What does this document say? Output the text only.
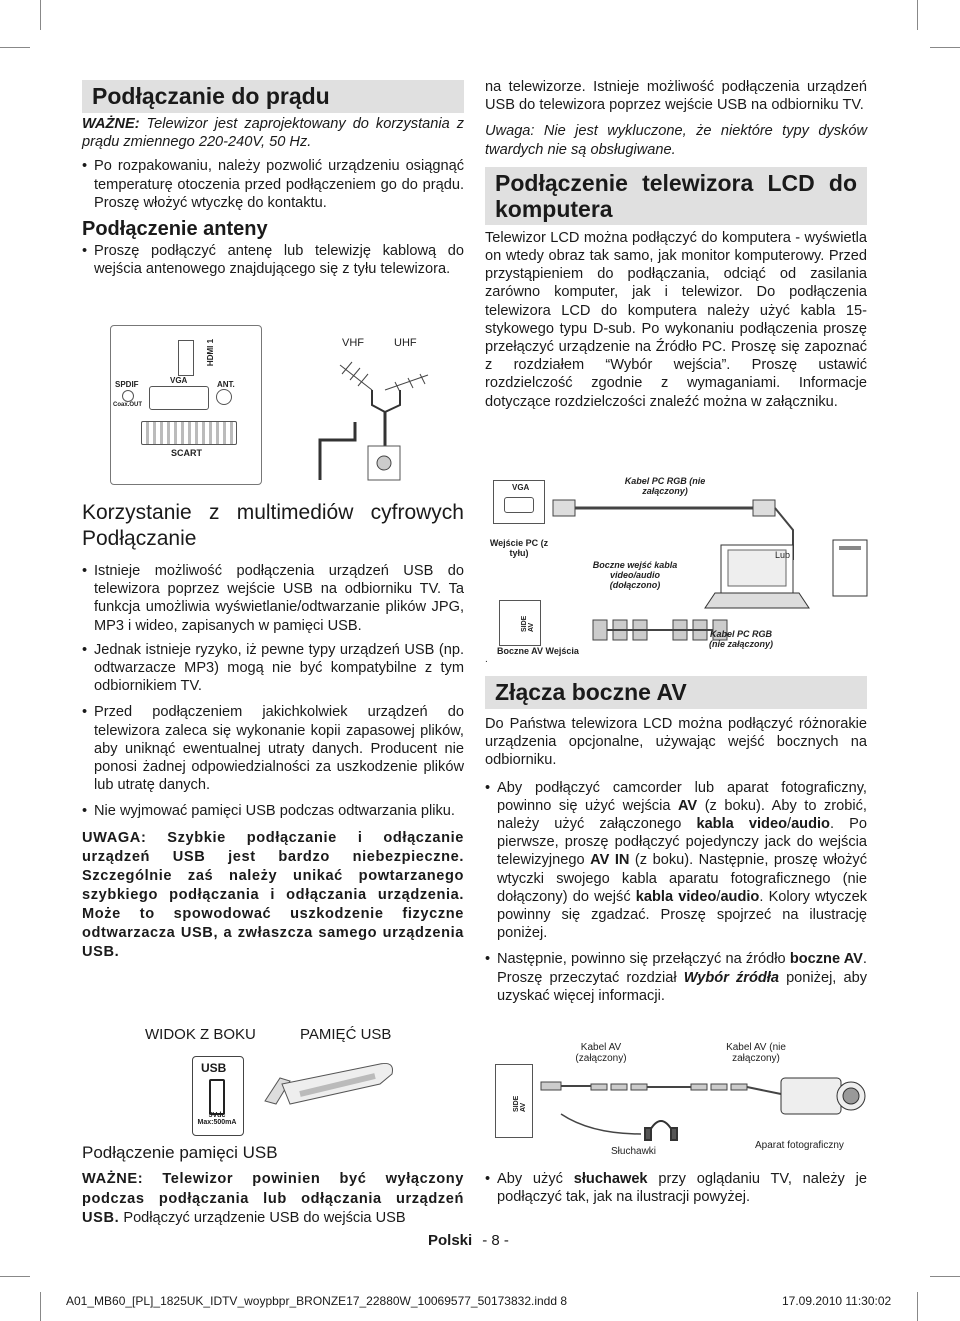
Podłączanie do prądu
WAŻNE: Telewizor jest zaprojektowany do korzystania z prądu zmiennego 220-240V, 50 Hz.
• Po rozpakowaniu, należy pozwolić urządzeniu osiągnąć temperaturę otoczenia przed podłączeniem go do prądu. Proszę włożyć wtyczkę do kontaktu.
Podłączenie anteny
• Proszę podłączyć antenę lub telewizję kablową do wejścia antenowego znajdującego się z tyłu telewizora.
HDMI 1
SPDIF
Coax.OUT
VGA	ANT.
SCART
VHF	UHF
Korzystanie z multimediów cyfrowych Podłączanie
• Istnieje możliwość podłączenia urządzeń USB do telewizora poprzez wejście USB na odbiorniku TV. Ta funkcja umożliwia wyświetlanie/odtwarzanie plików JPG, MP3 i wideo, zapisanych w pamięci USB.
• Jednak istnieje ryzyko, iż pewne typy urządzeń USB (np. odtwarzacze MP3) mogą nie być kompatybilne z tym odbiornikiem TV.
• Przed podłączeniem jakichkolwiek urządzeń do telewizora zaleca się wykonanie kopii zapasowej plików, aby uniknąć ewentualnej utraty danych. Producent nie ponosi żadnej odpowiedzialności za uszkodzenie plików lub utratę danych.
• Nie wyjmować pamięci USB podczas odtwarzania pliku.
UWAGA: Szybkie podłączanie i odłączanie urządzeń USB jest bardzo niebezpieczne. Szczególnie zaś należy unikać powtarzanego szybkiego podłączania i odłączania urządzenia. Może to spowodować uszkodzenie fizyczne odtwarzacza USB, a zwłaszcza samego urządzenia USB.
WIDOK Z BOKU	PAMIĘĆ USB
USB
5Vdc Max:500mA
Podłączenie pamięci USB
WAŻNE: Telewizor powinien być wyłączony podczas podłączania lub odłączania urządzeń USB. Podłączyć urządzenie USB do wejścia USB
na telewizorze. Istnieje możliwość podłączenia urządzeń USB do telewizora poprzez wejście USB na odbiorniku TV.
Uwaga: Nie jest wykluczone, że niektóre typy dysków twardych nie są obsługiwane.
Podłączenie telewizora LCD do komputera
Telewizor LCD można podłączyć do komputera - wyświetla on wtedy obraz tak samo, jak monitor komputerowy. Przed przystąpieniem do podłączania, odciąć od zasilania zarówno komputer, jak i telewizor. Do podłączenia telewizora LCD do komputera należy użyć kabla 15-stykowego typu D-sub. Po wykonaniu podłączenia proszę przełączyć urządzenie na Źródło PC. Proszę się zapoznać z rozdziałem “Wybór wejścia”. Proszę ustawić rozdzielczość zgodnie z wymaganiami. Informacje dotyczące rozdzielczości znaleźć można w załączniku.
VGA
Kabel PC RGB (nie załączony)
Wejście PC (z tyłu)
Boczne wejść kabla video/audio (dołączono)
Lub
SIDE AV
Boczne AV Wejścia
.
Kabel PC RGB (nie załączony)
Złącza boczne AV
Do Państwa telewizora LCD można podłączyć różnorakie urządzenia opcjonalne, używając wejść bocznych na odbiorniku.
• Aby podłączyć camcorder lub aparat fotograficzny, powinno się użyć wejścia AV (z boku). Aby to zrobić, należy użyć załączonego kabla video/audio. Po pierwsze, proszę podłączyć pojedynczy jack do wejścia telewizyjnego AV IN (z boku). Następnie, proszę włożyć wtyczki swojego kabla aparatu fotograficznego (nie dołączony) do wejść kabla video/audio. Kolory wtyczek powinny się zgadzać. Proszę spojrzeć na ilustrację poniżej.
• Następnie, powinno się przełączyć na źródło boczne AV. Proszę przeczytać rozdział Wybór źródła poniżej, aby uzyskać więcej informacji.
Kabel AV (załączony)
Kabel AV (nie załączony)
SIDE AV
Słuchawki
Aparat fotograficzny
• Aby użyć słuchawek przy oglądaniu TV, należy je podłączyć tak, jak na ilustracji powyżej.
Polski - 8 -
A01_MB60_[PL]_1825UK_IDTV_woypbpr_BRONZE17_22880W_10069577_50173832.indd 8	17.09.2010 11:30:02
